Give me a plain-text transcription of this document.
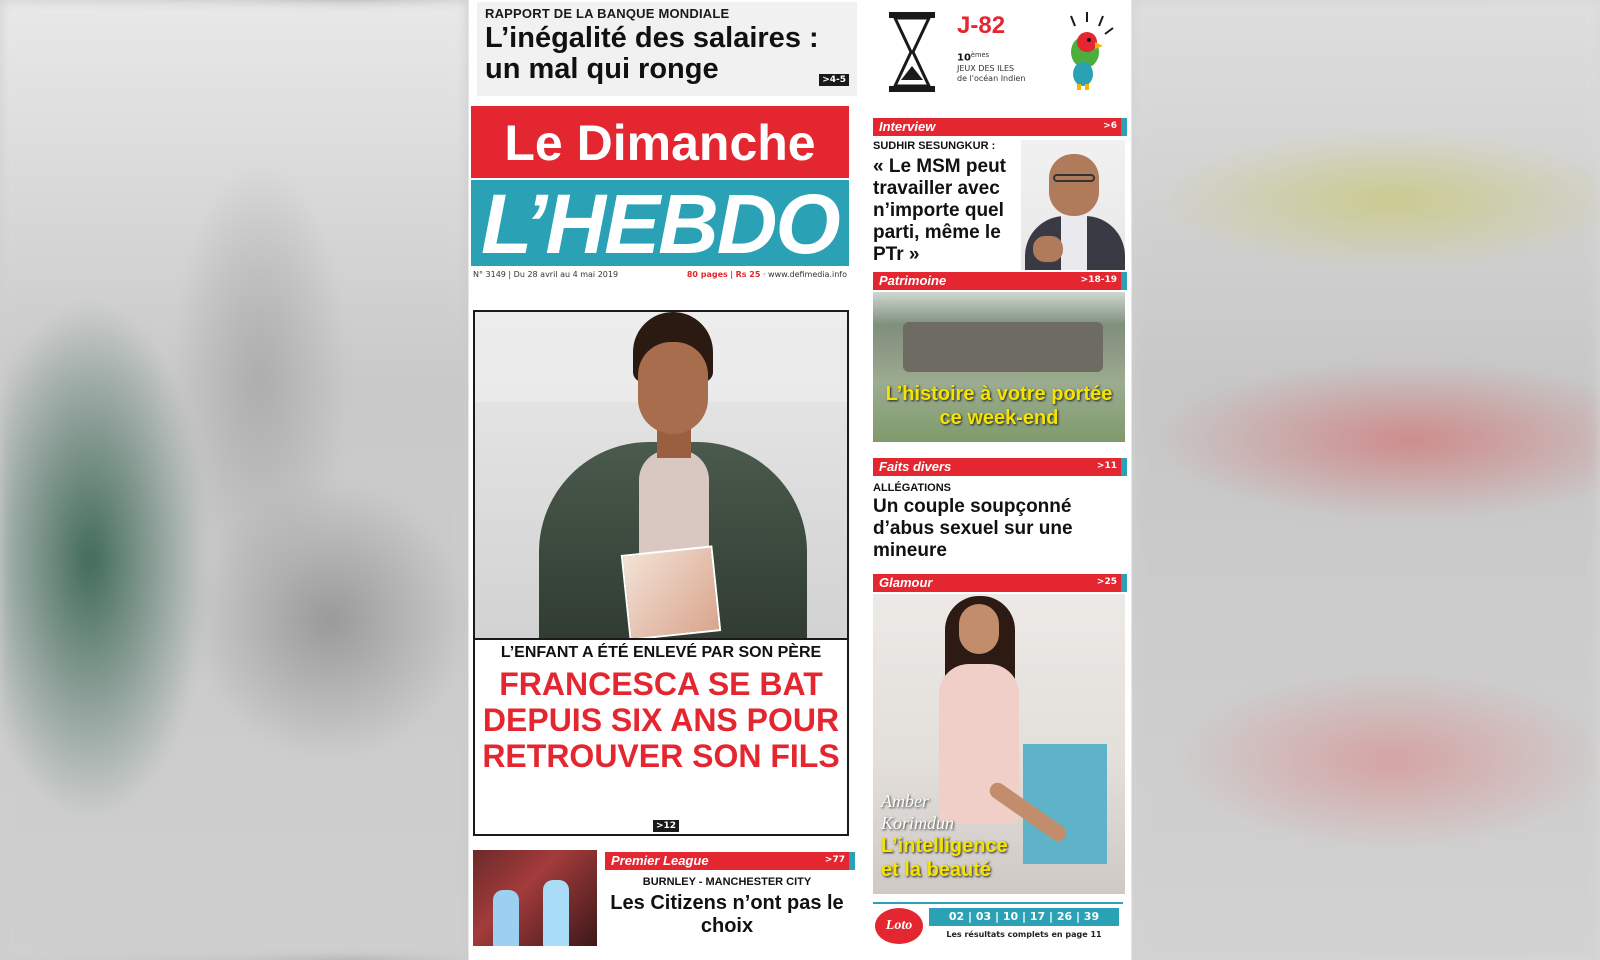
RAPPORT DE LA BANQUE MONDIALE
L’inégalité des salaires : un mal qui ronge	>4-5
J-82
10èmes
JEUX DES ILES
de l'océan Indien
Le Dimanche
L’HEBDO
N° 3149 | Du 28 avril au 4 mai 2019	80 pages | Rs 25 · www.defimedia.info
L’ENFANT A ÉTÉ ENLEVÉ PAR SON PÈRE
FRANCESCA SE BAT DEPUIS SIX ANS POUR RETROUVER SON FILS
>12
Premier League	>77
BURNLEY - MANCHESTER CITY
Les Citizens n’ont pas le choix
Interview	>6
SUDHIR SESUNGKUR :
« Le MSM peut travailler avec n’importe quel parti, même le PTr »
Patrimoine	>18-19
L’histoire à votre portée ce week-end
Faits divers	>11
ALLÉGATIONS
Un couple soupçonné d’abus sexuel sur une mineure
Glamour	>25
Amber
Korimdun
L’intelligence
et la beauté
Loto
02 | 03 | 10 | 17 | 26 | 39
Les résultats complets en page 11
